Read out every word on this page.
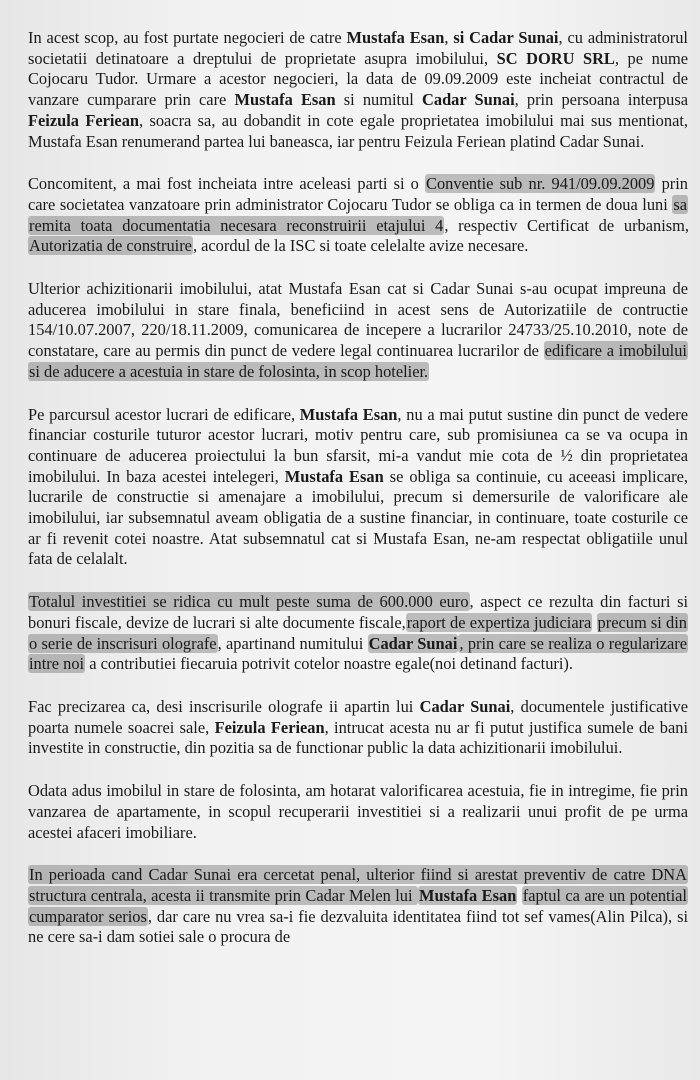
In acest scop, au fost purtate negocieri de catre Mustafa Esan, si Cadar Sunai, cu administratorul societatii detinatoare a dreptului de proprietate asupra imobilului, SC DORU SRL, pe nume Cojocaru Tudor. Urmare a acestor negocieri, la data de 09.09.2009 este incheiat contractul de vanzare cumparare prin care Mustafa Esan si numitul Cadar Sunai, prin persoana interpusa Feizula Feriean, soacra sa, au dobandit in cote egale proprietatea imobilului mai sus mentionat, Mustafa Esan renumerand partea lui baneasca, iar pentru Feizula Feriean platind Cadar Sunai.

Concomitent, a mai fost incheiata intre aceleasi parti si o Conventie sub nr. 941/09.09.2009 prin care societatea vanzatoare prin administrator Cojocaru Tudor se obliga ca in termen de doua luni sa remita toata documentatia necesara reconstruirii etajului 4, respectiv Certificat de urbanism, Autorizatia de construire, acordul de la ISC si toate celelalte avize necesare.

Ulterior achizitionarii imobilului, atat Mustafa Esan cat si Cadar Sunai s-au ocupat impreuna de aducerea imobilului in stare finala, beneficiind in acest sens de Autorizatiile de contructie 154/10.07.2007, 220/18.11.2009, comunicarea de incepere a lucrarilor 24733/25.10.2010, note de constatare, care au permis din punct de vedere legal continuarea lucrarilor de edificare a imobilului si de aducere a acestuia in stare de folosinta, in scop hotelier.

Pe parcursul acestor lucrari de edificare, Mustafa Esan, nu a mai putut sustine din punct de vedere financiar costurile tuturor acestor lucrari, motiv pentru care, sub promisiunea ca se va ocupa in continuare de aducerea proiectului la bun sfarsit, mi-a vandut mie cota de ½ din proprietatea imobilului. In baza acestei intelegeri, Mustafa Esan se obliga sa continuie, cu aceeasi implicare, lucrarile de constructie si amenajare a imobilului, precum si demersurile de valorificare ale imobilului, iar subsemnatul aveam obligatia de a sustine financiar, in continuare, toate costurile ce ar fi revenit cotei noastre. Atat subsemnatul cat si Mustafa Esan, ne-am respectat obligatiile unul fata de celalalt.

Totalul investitiei se ridica cu mult peste suma de 600.000 euro, aspect ce rezulta din facturi si bonuri fiscale, devize de lucrari si alte documente fiscale,raport de expertiza judiciara precum si din o serie de inscrisuri olografe, apartinand numitului Cadar Sunai , prin care se realiza o regularizare intre noi a contributiei fiecaruia potrivit cotelor noastre egale(noi detinand facturi).

Fac precizarea ca, desi inscrisurile olografe ii apartin lui Cadar Sunai, documentele justificative poarta numele soacrei sale, Feizula Feriean, intrucat acesta nu ar fi putut justifica sumele de bani investite in constructie, din pozitia sa de functionar public la data achizitionarii imobilului.

Odata adus imobilul in stare de folosinta, am hotarat valorificarea acestuia, fie in intregime, fie prin vanzarea de apartamente, in scopul recuperarii investitiei si a realizarii unui profit de pe urma acestei afaceri imobiliare.

In perioada cand Cadar Sunai era cercetat penal, ulterior fiind si arestat preventiv de catre DNA structura centrala, acesta ii transmite prin Cadar Melen lui Mustafa Esan faptul ca are un potential cumparator serios, dar care nu vrea sa-i fie dezvaluita identitatea fiind tot sef vames(Alin Pilca), si ne cere sa-i dam sotiei sale o procura de
